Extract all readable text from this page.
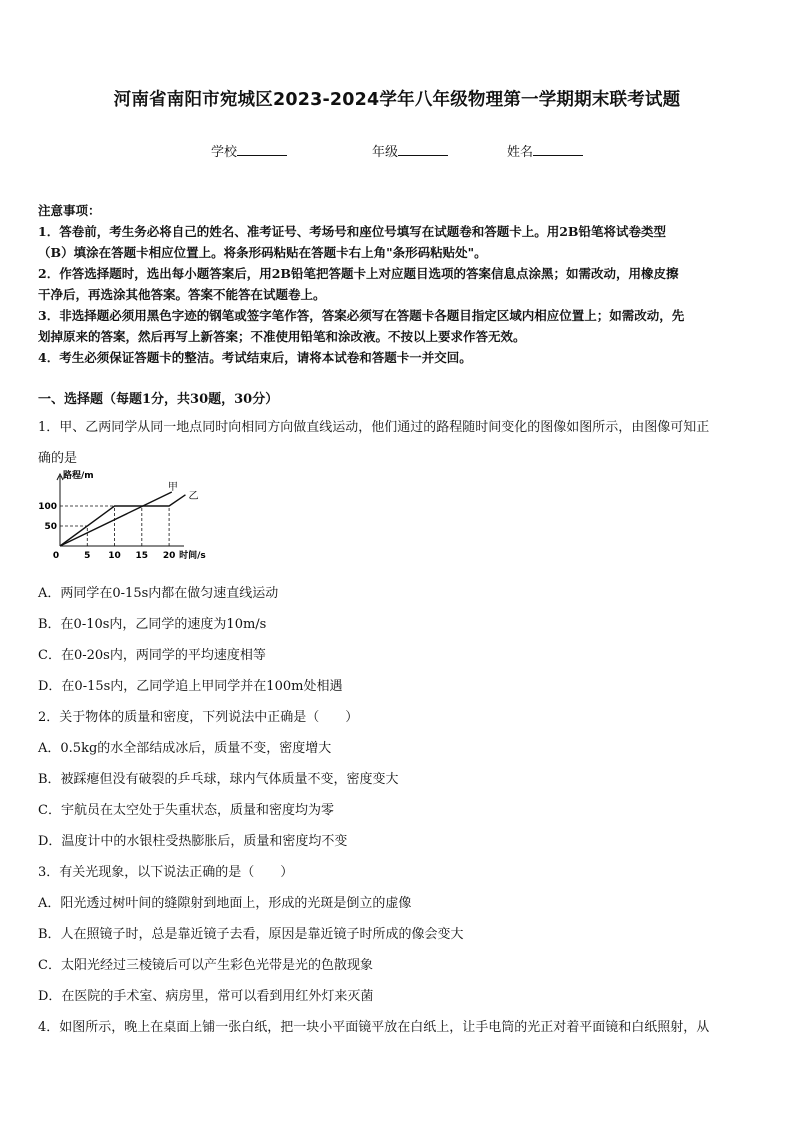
河南省南阳市宛城区2023-2024学年八年级物理第一学期期末联考试题
学校	年级	姓名

注意事项：

1．答卷前，考生务必将自己的姓名、准考证号、考场号和座位号填写在试题卷和答题卡上。用2B铅笔将试卷类型

（B）填涂在答题卡相应位置上。将条形码粘贴在答题卡右上角"条形码粘贴处"。

2．作答选择题时，选出每小题答案后，用2B铅笔把答题卡上对应题目选项的答案信息点涂黑；如需改动，用橡皮擦

干净后，再选涂其他答案。答案不能答在试题卷上。

3．非选择题必须用黑色字迹的钢笔或签字笔作答，答案必须写在答题卡各题目指定区域内相应位置上；如需改动，先

划掉原来的答案，然后再写上新答案；不准使用铅笔和涂改液。不按以上要求作答无效。

4．考生必须保证答题卡的整洁。考试结束后，请将本试卷和答题卡一并交回。

一、选择题（每题1分，共30题，30分）
1．甲、乙两同学从同一地点同时向相同方向做直线运动，他们通过的路程随时间变化的图像如图所示，由图像可知正
确的是
甲
乙
5 10 15 20
50
100
0
路程/m
时间/s
A．两同学在0-15s内都在做匀速直线运动
B．在0-10s内，乙同学的速度为10m/s
C．在0-20s内，两同学的平均速度相等
D．在0-15s内，乙同学追上甲同学并在100m处相遇
2．关于物体的质量和密度，下列说法中正确是（　　）
A．0.5kg的水全部结成冰后，质量不变，密度增大
B．被踩瘪但没有破裂的乒乓球，球内气体质量不变，密度变大
C．宇航员在太空处于失重状态，质量和密度均为零
D．温度计中的水银柱受热膨胀后，质量和密度均不变
3．有关光现象，以下说法正确的是（　　）
A．阳光透过树叶间的缝隙射到地面上，形成的光斑是倒立的虚像
B．人在照镜子时，总是靠近镜子去看，原因是靠近镜子时所成的像会变大
C．太阳光经过三棱镜后可以产生彩色光带是光的色散现象
D．在医院的手术室、病房里，常可以看到用红外灯来灭菌
4．如图所示，晚上在桌面上铺一张白纸，把一块小平面镜平放在白纸上，让手电筒的光正对着平面镜和白纸照射，从
